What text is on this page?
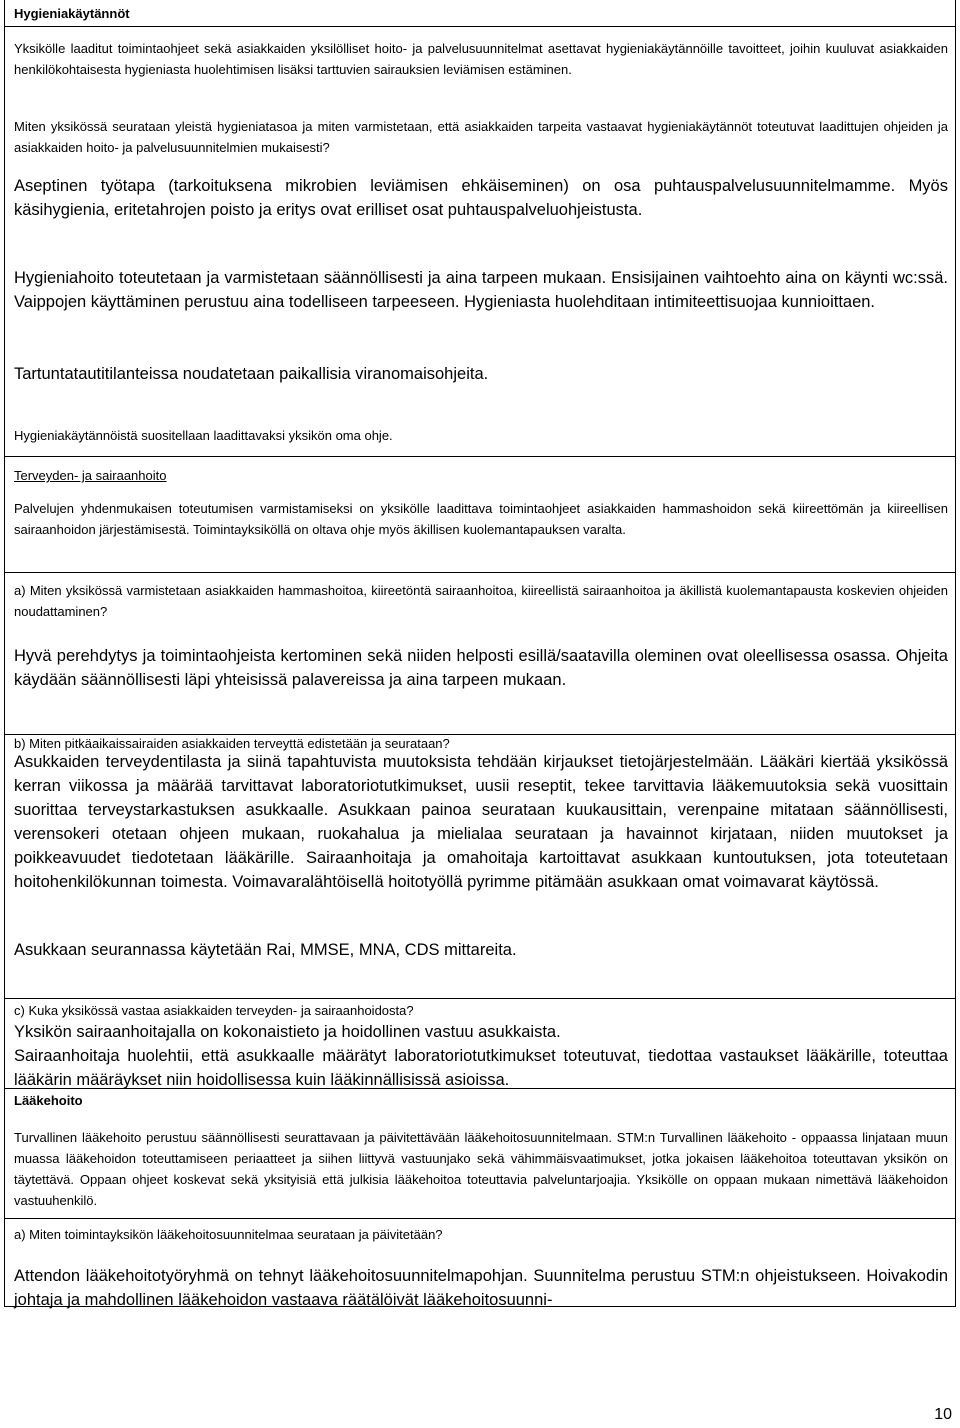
Hygieniakäytännöt

Yksikölle laaditut toimintaohjeet sekä asiakkaiden yksilölliset hoito- ja palvelusuunnitelmat asettavat hygieniakäytännöille tavoitteet, joihin kuuluvat asiakkaiden henkilökohtaisesta hygieniasta huolehtimisen lisäksi tarttuvien sairauksien leviämisen estäminen.

Miten yksikössä seurataan yleistä hygieniatasoa ja miten varmistetaan, että asiakkaiden tarpeita vastaavat hygieniakäytännöt toteutuvat laadittujen ohjeiden ja asiakkaiden hoito- ja palvelusuunnitelmien mukaisesti?

Aseptinen työtapa (tarkoituksena mikrobien leviämisen ehkäiseminen) on osa puhtauspalvelusuunnitelmamme. Myös käsihygienia, eritetahrojen poisto ja eritys ovat erilliset osat puhtauspalveluohjeistusta.

Hygieniahoito toteutetaan ja varmistetaan säännöllisesti ja aina tarpeen mukaan. Ensisijainen vaihtoehto aina on käynti wc:ssä. Vaippojen käyttäminen perustuu aina todelliseen tarpeeseen. Hygieniasta huolehditaan intimiteettisuojaa kunnioittaen.

Tartuntatautitilanteissa noudatetaan paikallisia viranomaisohjeita.

Hygieniakäytännöistä suositellaan laadittavaksi yksikön oma ohje.

Terveyden- ja sairaanhoito

Palvelujen yhdenmukaisen toteutumisen varmistamiseksi on yksikölle laadittava toimintaohjeet asiakkaiden hammashoidon sekä kiireettömän ja kiireellisen sairaanhoidon järjestämisestä. Toimintayksiköllä on oltava ohje myös äkillisen kuolemantapauksen varalta.

a) Miten yksikössä varmistetaan asiakkaiden hammashoitoa, kiireetöntä sairaanhoitoa, kiireellistä sairaanhoitoa ja äkillistä kuolemantapausta koskevien ohjeiden noudattaminen?

Hyvä perehdytys ja toimintaohjeista kertominen sekä niiden helposti esillä/saatavilla oleminen ovat oleellisessa osassa. Ohjeita käydään säännöllisesti läpi yhteisissä palavereissa ja aina tarpeen mukaan.

b) Miten pitkäaikaissairaiden asiakkaiden terveyttä edistetään ja seurataan?

Asukkaiden terveydentilasta ja siinä tapahtuvista muutoksista tehdään kirjaukset tietojärjestelmään. Lääkäri kiertää yksikössä kerran viikossa ja määrää tarvittavat laboratoriotutkimukset, uusii reseptit, tekee tarvittavia lääkemuutoksia sekä vuosittain suorittaa terveystarkastuksen asukkaalle. Asukkaan painoa seurataan kuukausittain, verenpaine mitataan säännöllisesti, verensokeri otetaan ohjeen mukaan, ruokahalua ja mielialaa seurataan ja havainnot kirjataan, niiden muutokset ja poikkeavuudet tiedotetaan lääkärille. Sairaanhoitaja ja omahoitaja kartoittavat asukkaan kuntoutuksen, jota toteutetaan hoitohenkilökunnan toimesta. Voimavaralähtöisellä hoitotyöllä pyrimme pitämään asukkaan omat voimavarat käytössä.

Asukkaan seurannassa käytetään Rai, MMSE, MNA, CDS mittareita.

c) Kuka yksikössä vastaa asiakkaiden terveyden- ja sairaanhoidosta?

Yksikön sairaanhoitajalla on kokonaistieto ja hoidollinen vastuu asukkaista.

Sairaanhoitaja huolehtii, että asukkaalle määrätyt laboratoriotutkimukset toteutuvat, tiedottaa vastaukset lääkärille, toteuttaa lääkärin määräykset niin hoidollisessa kuin lääkinnällisissä asioissa.

Lääkehoito

Turvallinen lääkehoito perustuu säännöllisesti seurattavaan ja päivitettävään lääkehoitosuunnitelmaan. STM:n Turvallinen lääkehoito - oppaassa linjataan muun muassa lääkehoidon toteuttamiseen periaatteet ja siihen liittyvä vastuunjako sekä vähimmäisvaatimukset, jotka jokaisen lääkehoitoa toteuttavan yksikön on täytettävä. Oppaan ohjeet koskevat sekä yksityisiä että julkisia lääkehoitoa toteuttavia palveluntarjoajia. Yksikölle on oppaan mukaan nimettävä lääkehoidon vastuuhenkilö.

a) Miten toimintayksikön lääkehoitosuunnitelmaa seurataan ja päivitetään?

Attendon lääkehoitotyöryhmä on tehnyt lääkehoitosuunnitelmapohjan. Suunnitelma perustuu STM:n ohjeistukseen. Hoivakodin johtaja ja mahdollinen lääkehoidon vastaava räätälöivät lääkehoitosuunni-

10
